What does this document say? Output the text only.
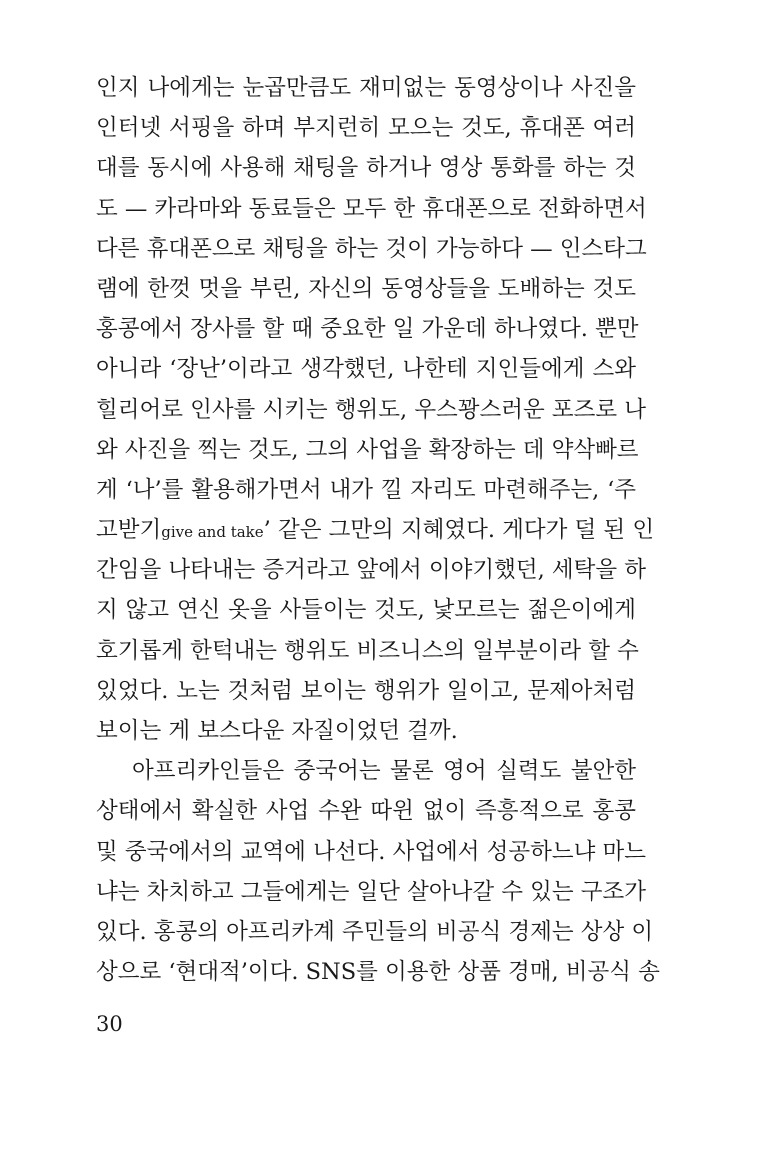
인지 나에게는 눈곱만큼도 재미없는 동영상이나 사진을
인터넷 서핑을 하며 부지런히 모으는 것도, 휴대폰 여러
대를 동시에 사용해 채팅을 하거나 영상 통화를 하는 것
도 — 카라마와 동료들은 모두 한 휴대폰으로 전화하면서
다른 휴대폰으로 채팅을 하는 것이 가능하다 — 인스타그
램에 한껏 멋을 부린, 자신의 동영상들을 도배하는 것도
홍콩에서 장사를 할 때 중요한 일 가운데 하나였다. 뿐만
아니라 ‘장난’이라고 생각했던, 나한테 지인들에게 스와
힐리어로 인사를 시키는 행위도, 우스꽝스러운 포즈로 나
와 사진을 찍는 것도, 그의 사업을 확장하는 데 약삭빠르
게 ‘나’를 활용해가면서 내가 낄 자리도 마련해주는, ‘주
고받기give and take’ 같은 그만의 지혜였다. 게다가 덜 된 인
간임을 나타내는 증거라고 앞에서 이야기했던, 세탁을 하
지 않고 연신 옷을 사들이는 것도, 낯모르는 젊은이에게
호기롭게 한턱내는 행위도 비즈니스의 일부분이라 할 수
있었다. 노는 것처럼 보이는 행위가 일이고, 문제아처럼
보이는 게 보스다운 자질이었던 걸까.
아프리카인들은 중국어는 물론 영어 실력도 불안한
상태에서 확실한 사업 수완 따윈 없이 즉흥적으로 홍콩
및 중국에서의 교역에 나선다. 사업에서 성공하느냐 마느
냐는 차치하고 그들에게는 일단 살아나갈 수 있는 구조가
있다. 홍콩의 아프리카계 주민들의 비공식 경제는 상상 이
상으로 ‘현대적’이다. SNS를 이용한 상품 경매, 비공식 송
30
